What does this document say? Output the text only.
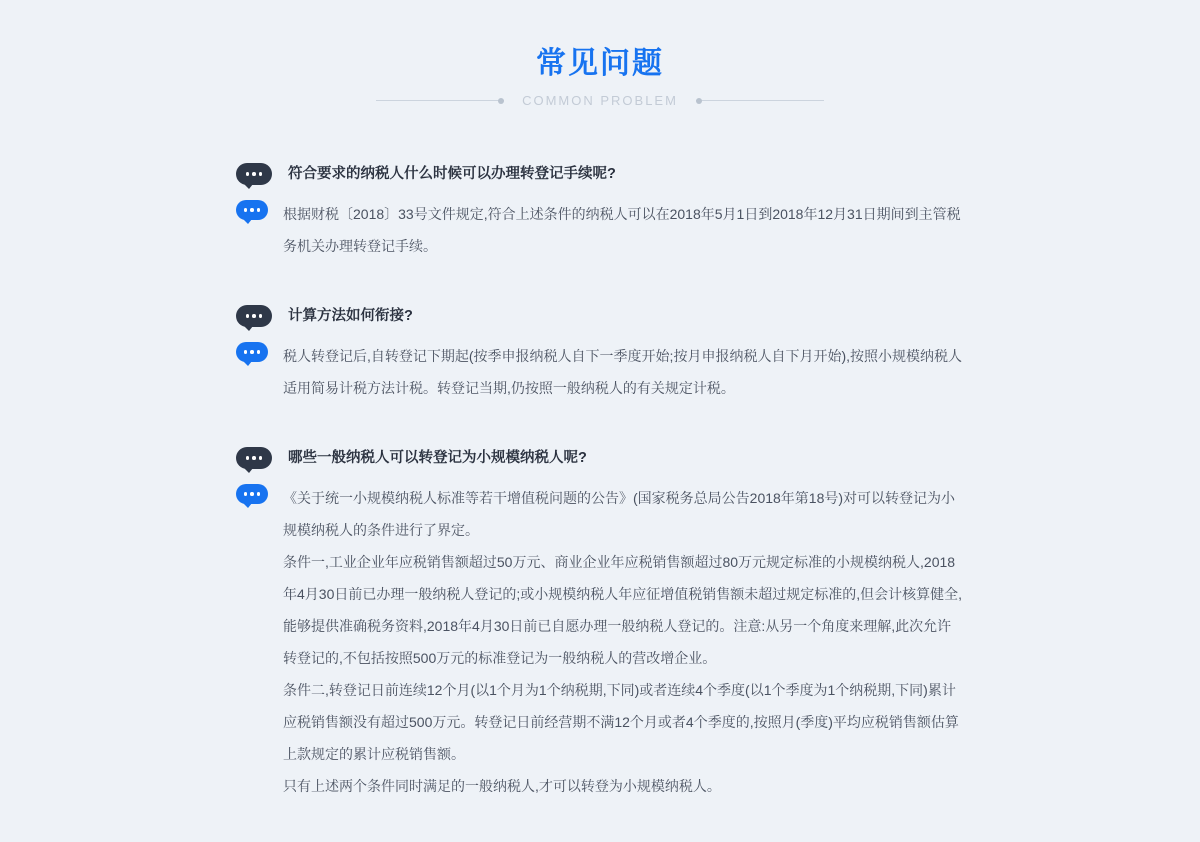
常见问题
COMMON PROBLEM
符合要求的纳税人什么时候可以办理转登记手续呢?

根据财税〔2018〕33号文件规定,符合上述条件的纳税人可以在2018年5月1日到2018年12月31日期间到主管税务机关办理转登记手续。

计算方法如何衔接?

税人转登记后,自转登记下期起(按季申报纳税人自下一季度开始;按月申报纳税人自下月开始),按照小规模纳税人适用简易计税方法计税。转登记当期,仍按照一般纳税人的有关规定计税。

哪些一般纳税人可以转登记为小规模纳税人呢?

《关于统一小规模纳税人标准等若干增值税问题的公告》(国家税务总局公告2018年第18号)对可以转登记为小规模纳税人的条件进行了界定。

条件一,工业企业年应税销售额超过50万元、商业企业年应税销售额超过80万元规定标准的小规模纳税人,2018年4月30日前已办理一般纳税人登记的;或小规模纳税人年应征增值税销售额未超过规定标准的,但会计核算健全,能够提供准确税务资料,2018年4月30日前已自愿办理一般纳税人登记的。注意:从另一个角度来理解,此次允许转登记的,不包括按照500万元的标准登记为一般纳税人的营改增企业。

条件二,转登记日前连续12个月(以1个月为1个纳税期,下同)或者连续4个季度(以1个季度为1个纳税期,下同)累计应税销售额没有超过500万元。转登记日前经营期不满12个月或者4个季度的,按照月(季度)平均应税销售额估算上款规定的累计应税销售额。

只有上述两个条件同时满足的一般纳税人,才可以转登为小规模纳税人。
